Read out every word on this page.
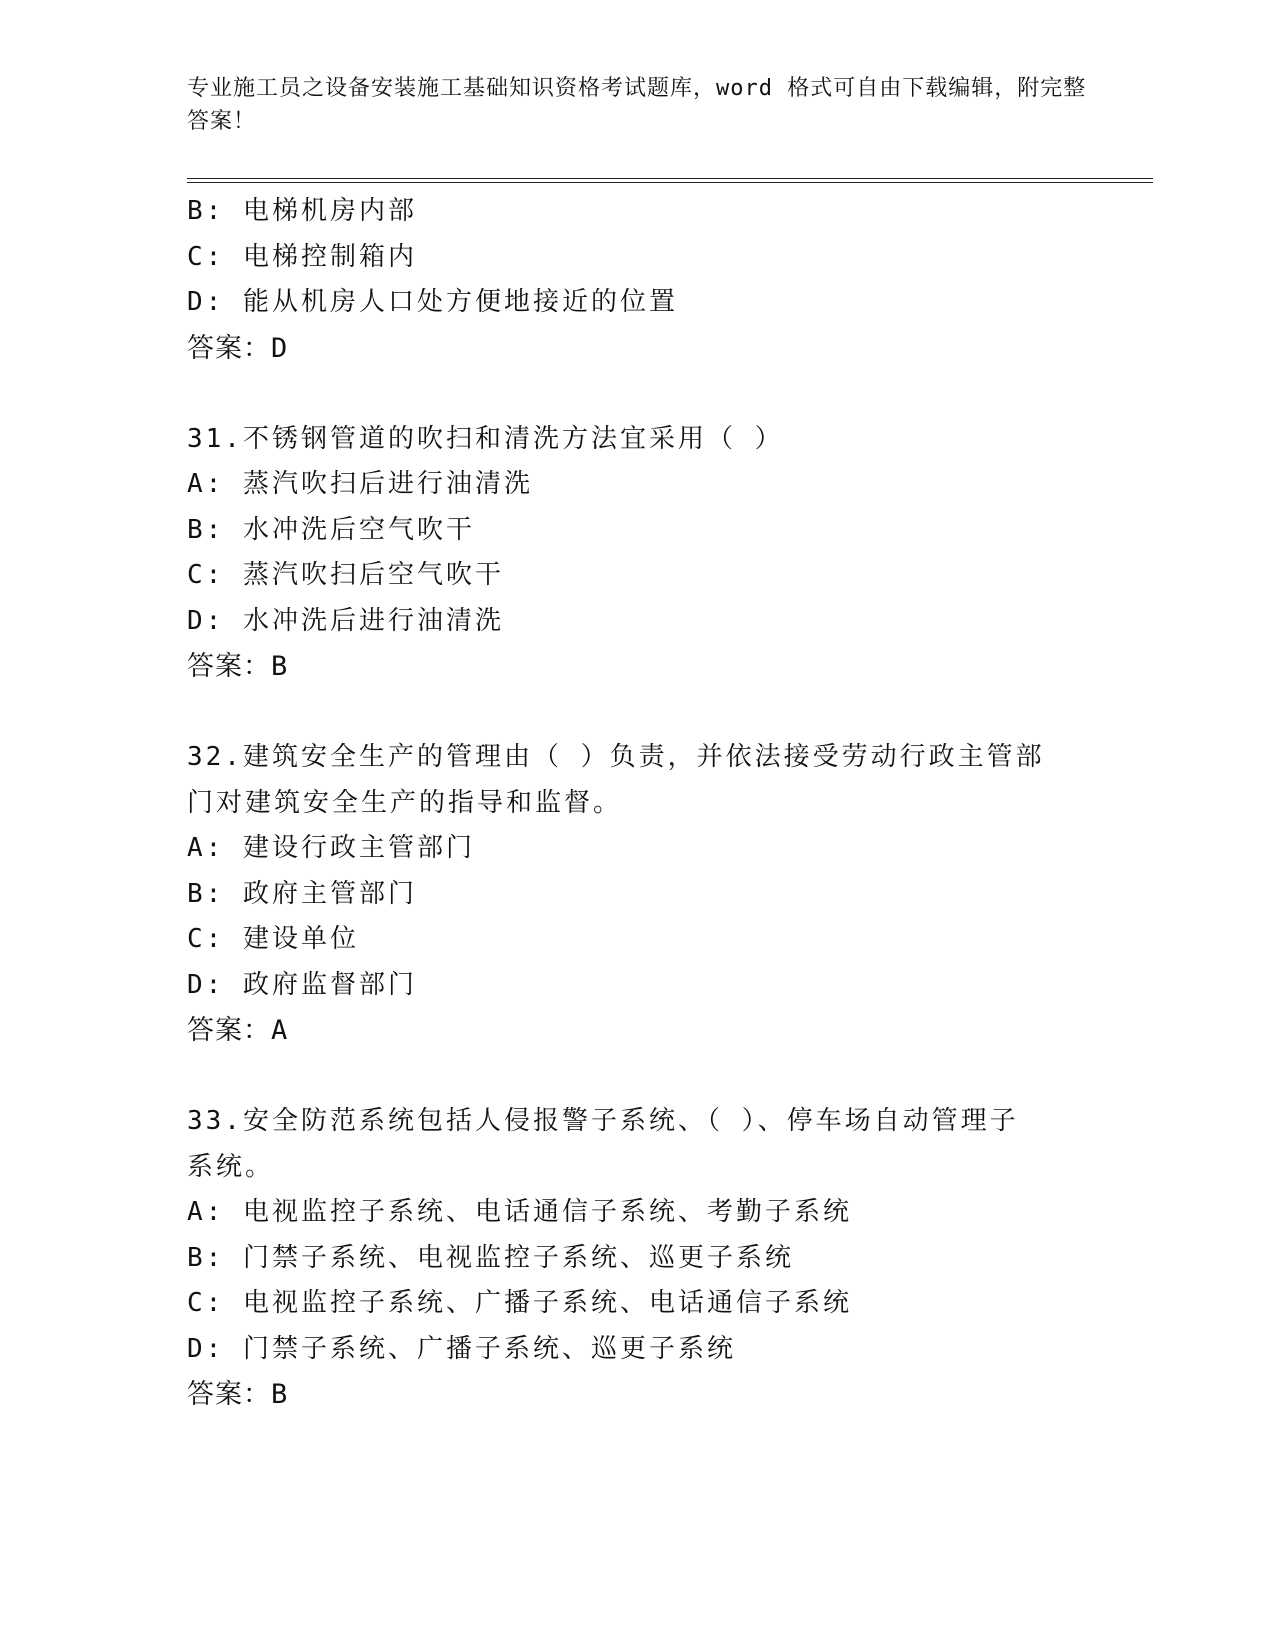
专业施工员之设备安装施工基础知识资格考试题库，word 格式可自由下载编辑，附完整答案！
B: 电梯机房内部
C: 电梯控制箱内
D: 能从机房人口处方便地接近的位置
答案：D
31.不锈钢管道的吹扫和清洗方法宜采用（ ）
A: 蒸汽吹扫后进行油清洗
B: 水冲洗后空气吹干
C: 蒸汽吹扫后空气吹干
D: 水冲洗后进行油清洗
答案：B
32.建筑安全生产的管理由（ ）负责，并依法接受劳动行政主管部门对建筑安全生产的指导和监督。
A: 建设行政主管部门
B: 政府主管部门
C: 建设单位
D: 政府监督部门
答案：A
33.安全防范系统包括人侵报警子系统、（ ）、停车场自动管理子系统。
A: 电视监控子系统、电话通信子系统、考勤子系统
B: 门禁子系统、电视监控子系统、巡更子系统
C: 电视监控子系统、广播子系统、电话通信子系统
D: 门禁子系统、广播子系统、巡更子系统
答案：B
